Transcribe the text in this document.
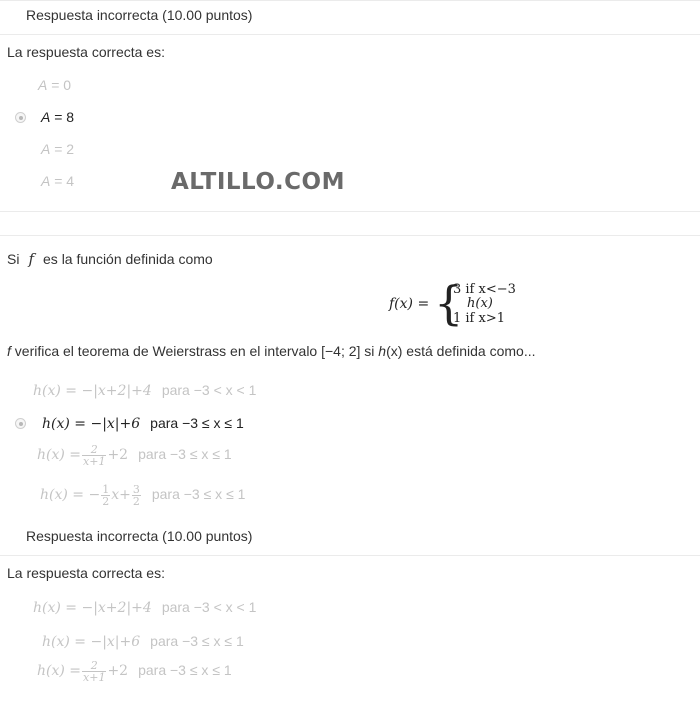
Respuesta incorrecta (10.00 puntos)
La respuesta correcta es:
A = 0
A = 8
A = 2
A = 4	ALTILLO.COM
Si f es la función definida como
f(x) = {
3 if x<−3
h(x)
1 if x>1
f verifica el teorema de Weierstrass en el intervalo [−4; 2] si h(x) está definida como...
h(x) = −|x+2|+4 para −3 < x < 1
h(x) = −|x|+6 para −3 ≤ x ≤ 1
$h(x) = \frac{2}{x+1} +2$ para −3 ≤ x ≤ 1
h(x) = − $\frac{1}{2} x+ \frac{3}{2}$ para −3 ≤ x ≤ 1
Respuesta incorrecta (10.00 puntos)
La respuesta correcta es:
h(x) = −|x+2|+4 para −3 < x < 1
h(x) = −|x|+6 para −3 ≤ x ≤ 1
$h(x) = \frac{2}{x+1} +2$ para −3 ≤ x ≤ 1
